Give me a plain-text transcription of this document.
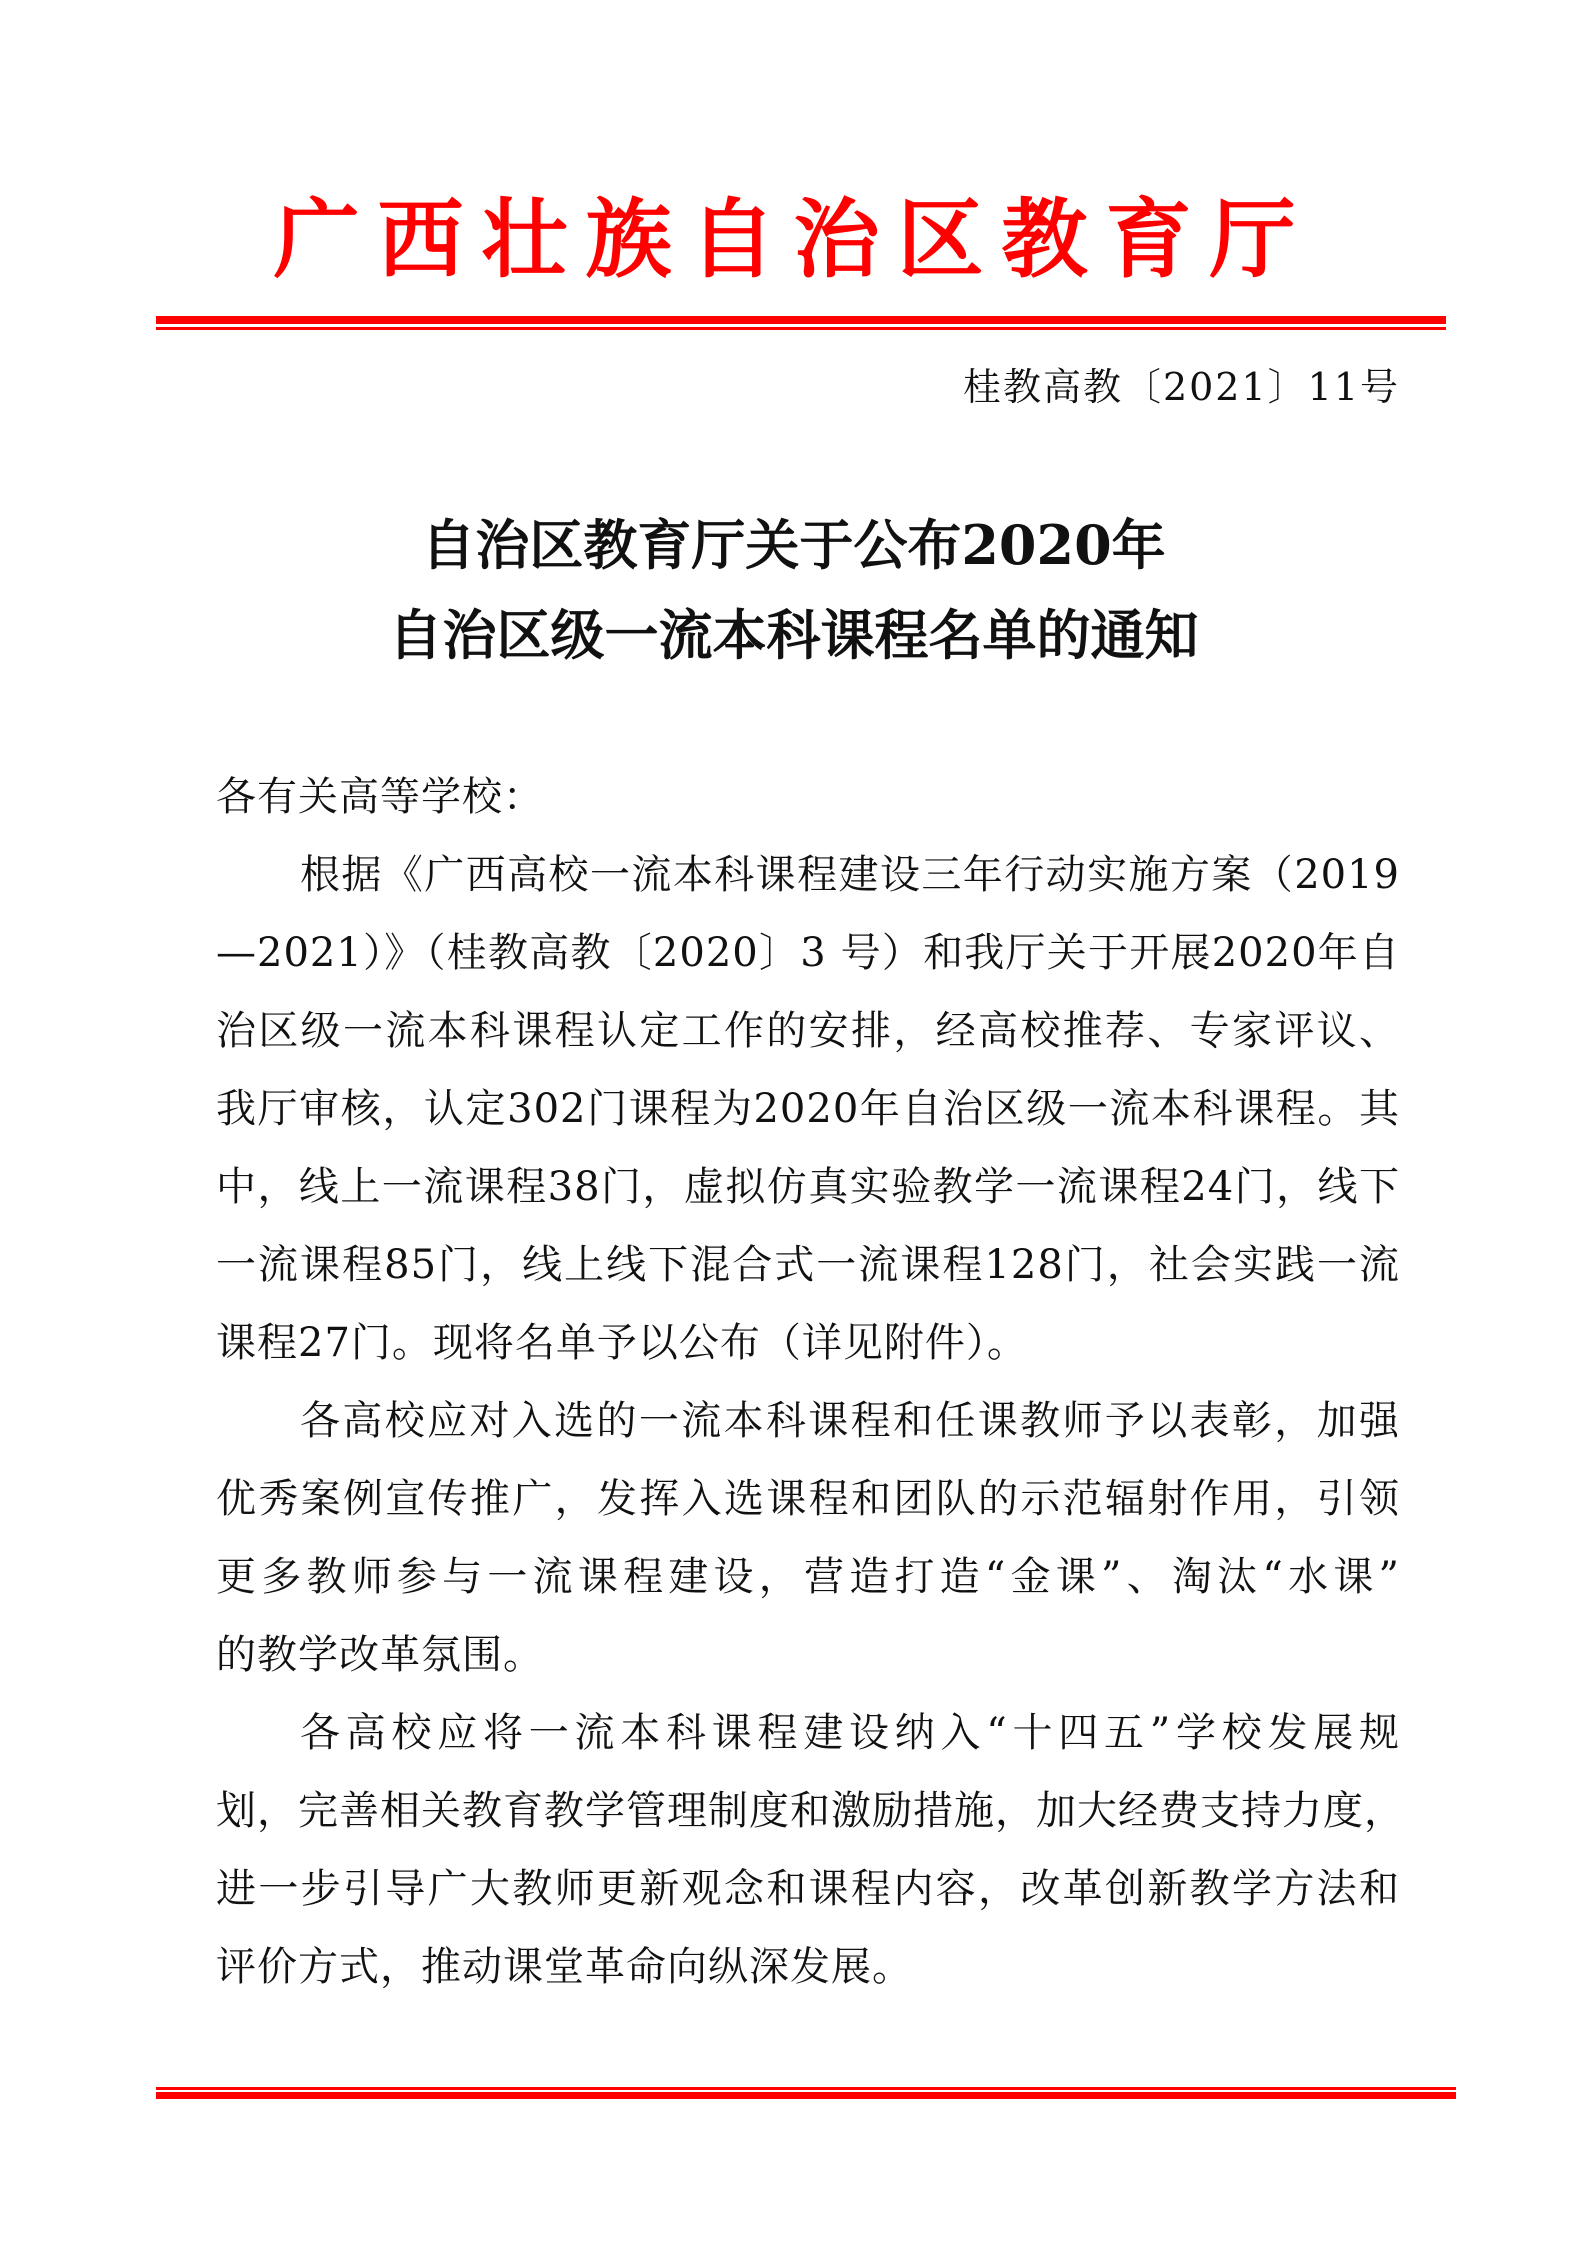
广西壮族自治区教育厅
桂教高教〔2021〕11号
自治区教育厅关于公布2020年
自治区级一流本科课程名单的通知
各有关高等学校：
根据《广西高校一流本科课程建设三年行动实施方案（2019
—2021）》（桂教高教〔2020〕3 号）和我厅关于开展2020年自
治区级一流本科课程认定工作的安排，经高校推荐、专家评议、
我厅审核，认定302门课程为2020年自治区级一流本科课程。其
中，线上一流课程38门，虚拟仿真实验教学一流课程24门，线下
一流课程85门，线上线下混合式一流课程128门，社会实践一流
课程27门。现将名单予以公布（详见附件）。
各高校应对入选的一流本科课程和任课教师予以表彰，加强
优秀案例宣传推广，发挥入选课程和团队的示范辐射作用，引领
更多教师参与一流课程建设，营造打造“金课”、淘汰“水课”
的教学改革氛围。
各高校应将一流本科课程建设纳入“十四五”学校发展规
划，完善相关教育教学管理制度和激励措施，加大经费支持力度，
进一步引导广大教师更新观念和课程内容，改革创新教学方法和
评价方式，推动课堂革命向纵深发展。
